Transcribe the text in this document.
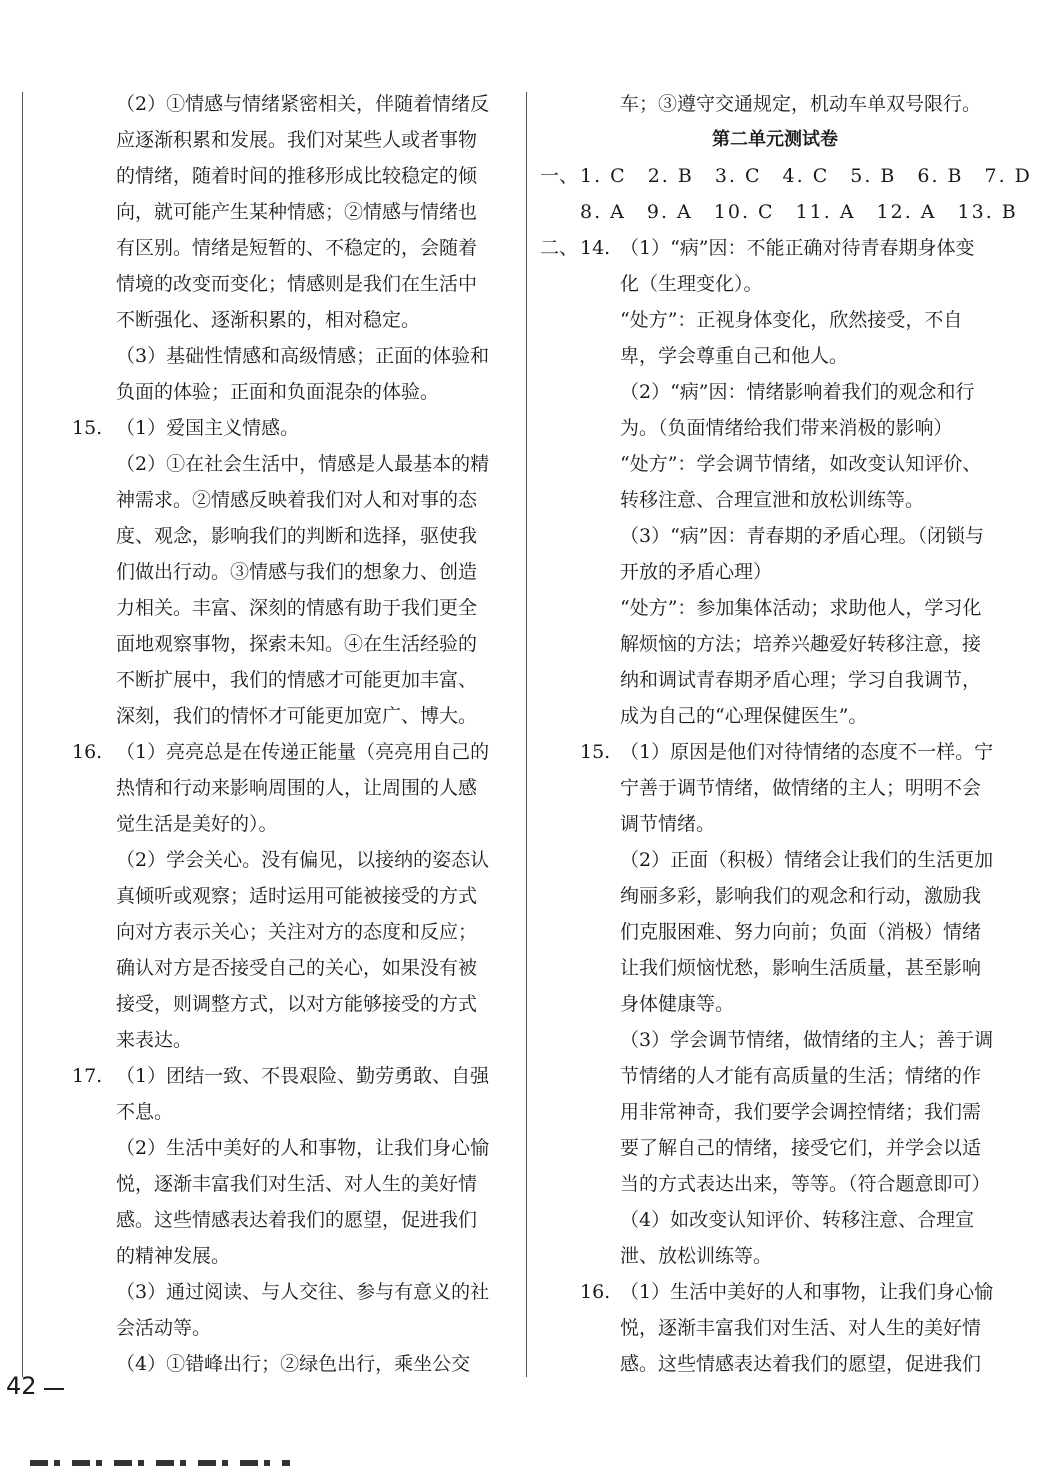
（2）①情感与情绪紧密相关，伴随着情绪反
应逐渐积累和发展。我们对某些人或者事物
的情绪，随着时间的推移形成比较稳定的倾
向，就可能产生某种情感；②情感与情绪也
有区别。情绪是短暂的、不稳定的，会随着
情境的改变而变化；情感则是我们在生活中
不断强化、逐渐积累的，相对稳定。
（3）基础性情感和高级情感；正面的体验和
负面的体验；正面和负面混杂的体验。
15. （1）爱国主义情感。
（2）①在社会生活中，情感是人最基本的精
神需求。②情感反映着我们对人和对事的态
度、观念，影响我们的判断和选择，驱使我
们做出行动。③情感与我们的想象力、创造
力相关。丰富、深刻的情感有助于我们更全
面地观察事物，探索未知。④在生活经验的
不断扩展中，我们的情感才可能更加丰富、
深刻，我们的情怀才可能更加宽广、博大。
16. （1）亮亮总是在传递正能量（亮亮用自己的
热情和行动来影响周围的人，让周围的人感
觉生活是美好的）。
（2）学会关心。没有偏见，以接纳的姿态认
真倾听或观察；适时运用可能被接受的方式
向对方表示关心；关注对方的态度和反应；
确认对方是否接受自己的关心，如果没有被
接受，则调整方式，以对方能够接受的方式
来表达。
17. （1）团结一致、不畏艰险、勤劳勇敢、自强
不息。
（2）生活中美好的人和事物，让我们身心愉
悦，逐渐丰富我们对生活、对人生的美好情
感。这些情感表达着我们的愿望，促进我们
的精神发展。
（3）通过阅读、与人交往、参与有意义的社
会活动等。
（4）①错峰出行；②绿色出行，乘坐公交
车；③遵守交通规定，机动车单双号限行。
第二单元测试卷
一、 1. C　2. B　3. C　4. C　5. B　6. B　7. D
8. A　9. A　10. C　11. A　12. A　13. B
二、 14. （1）“病”因：不能正确对待青春期身体变
化（生理变化）。
“处方”：正视身体变化，欣然接受，不自
卑，学会尊重自己和他人。
（2）“病”因：情绪影响着我们的观念和行
为。（负面情绪给我们带来消极的影响）
“处方”：学会调节情绪，如改变认知评价、
转移注意、合理宣泄和放松训练等。
（3）“病”因：青春期的矛盾心理。（闭锁与
开放的矛盾心理）
“处方”：参加集体活动；求助他人，学习化
解烦恼的方法；培养兴趣爱好转移注意，接
纳和调试青春期矛盾心理；学习自我调节，
成为自己的“心理保健医生”。
15. （1）原因是他们对待情绪的态度不一样。宁
宁善于调节情绪，做情绪的主人；明明不会
调节情绪。
（2）正面（积极）情绪会让我们的生活更加
绚丽多彩，影响我们的观念和行动，激励我
们克服困难、努力向前；负面（消极）情绪
让我们烦恼忧愁，影响生活质量，甚至影响
身体健康等。
（3）学会调节情绪，做情绪的主人；善于调
节情绪的人才能有高质量的生活；情绪的作
用非常神奇，我们要学会调控情绪；我们需
要了解自己的情绪，接受它们，并学会以适
当的方式表达出来，等等。（符合题意即可）
（4）如改变认知评价、转移注意、合理宣
泄、放松训练等。
16. （1）生活中美好的人和事物，让我们身心愉
悦，逐渐丰富我们对生活、对人生的美好情
感。这些情感表达着我们的愿望，促进我们
42
